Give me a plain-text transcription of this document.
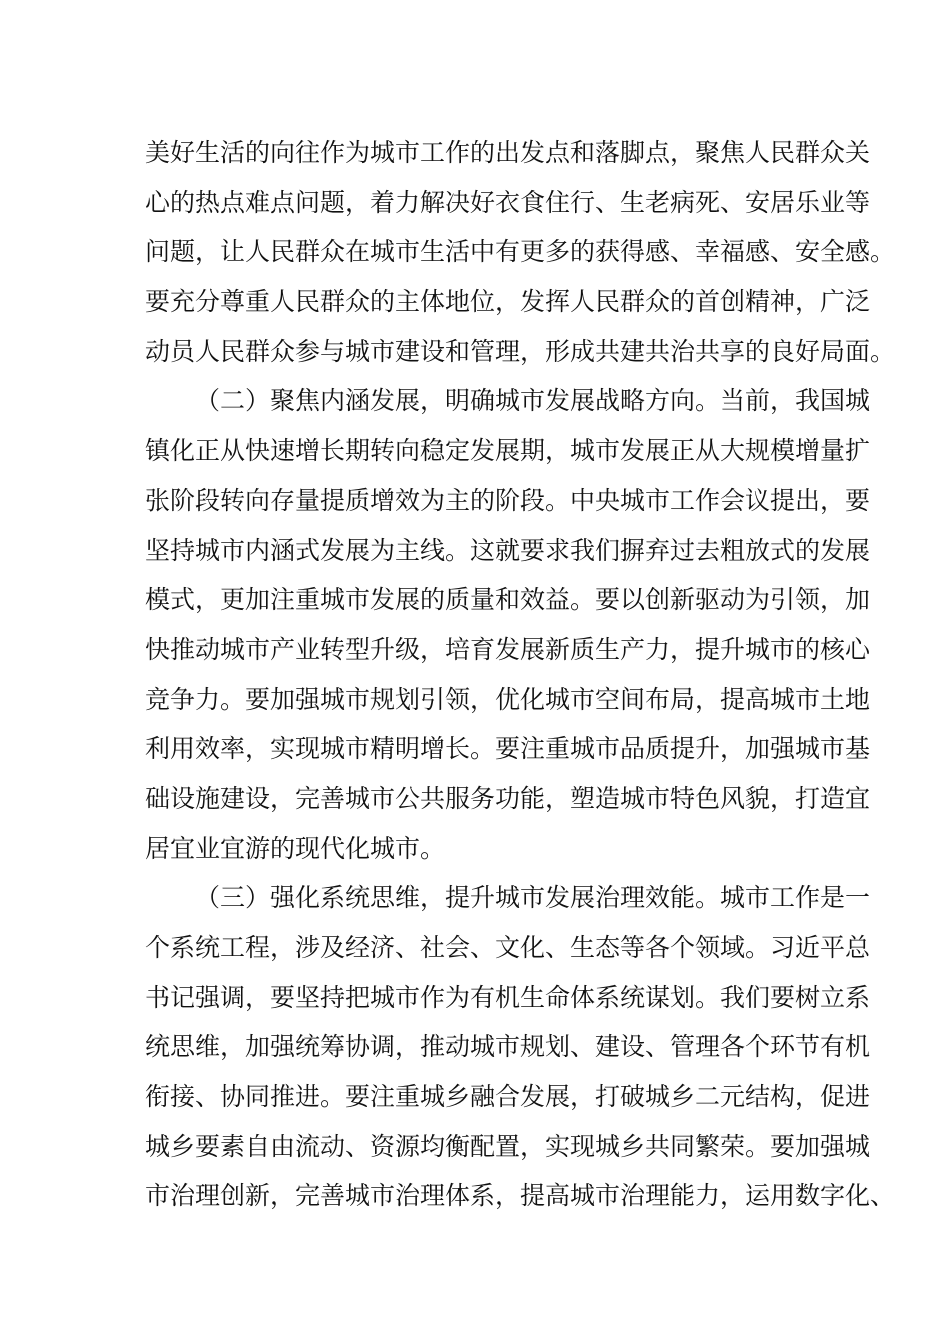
美好生活的向往作为城市工作的出发点和落脚点，聚焦人民群众关
心的热点难点问题，着力解决好衣食住行、生老病死、安居乐业等
问题，让人民群众在城市生活中有更多的获得感、幸福感、安全感。
要充分尊重人民群众的主体地位，发挥人民群众的首创精神，广泛
动员人民群众参与城市建设和管理，形成共建共治共享的良好局面。
（二）聚焦内涵发展，明确城市发展战略方向。当前，我国城
镇化正从快速增长期转向稳定发展期，城市发展正从大规模增量扩
张阶段转向存量提质增效为主的阶段。中央城市工作会议提出，要
坚持城市内涵式发展为主线。这就要求我们摒弃过去粗放式的发展
模式，更加注重城市发展的质量和效益。要以创新驱动为引领，加
快推动城市产业转型升级，培育发展新质生产力，提升城市的核心
竞争力。要加强城市规划引领，优化城市空间布局，提高城市土地
利用效率，实现城市精明增长。要注重城市品质提升，加强城市基
础设施建设，完善城市公共服务功能，塑造城市特色风貌，打造宜
居宜业宜游的现代化城市。
（三）强化系统思维，提升城市发展治理效能。城市工作是一
个系统工程，涉及经济、社会、文化、生态等各个领域。习近平总
书记强调，要坚持把城市作为有机生命体系统谋划。我们要树立系
统思维，加强统筹协调，推动城市规划、建设、管理各个环节有机
衔接、协同推进。要注重城乡融合发展，打破城乡二元结构，促进
城乡要素自由流动、资源均衡配置，实现城乡共同繁荣。要加强城
市治理创新，完善城市治理体系，提高城市治理能力，运用数字化、
